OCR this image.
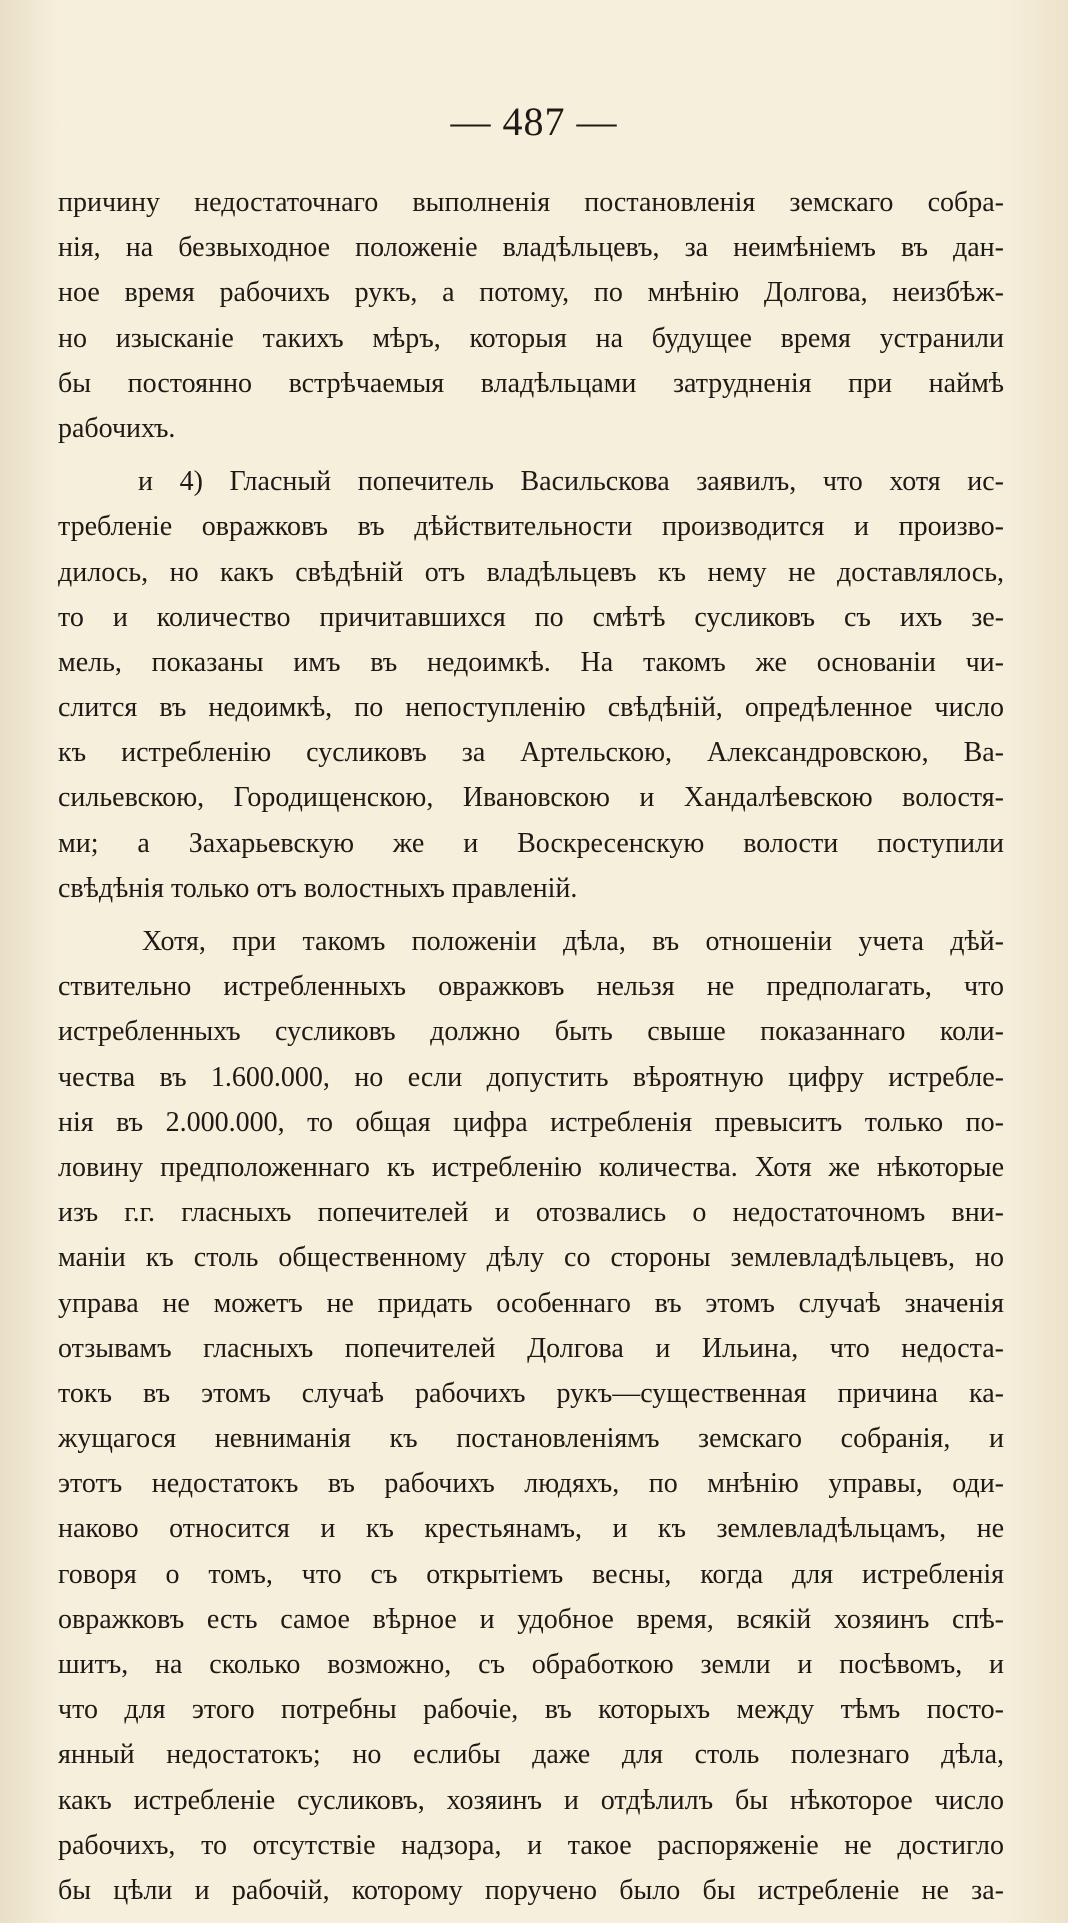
— 487 —
причину недостаточнаго выполненія постановленія земскаго собра-
нія, на безвыходное положеніе владѣльцевъ, за неимѣніемъ въ дан-
ное время рабочихъ рукъ, а потому, по мнѣнію Долгова, неизбѣж-
но изысканіе такихъ мѣръ, которыя на будущее время устранили
бы постоянно встрѣчаемыя владѣльцами затрудненія при наймѣ
рабочихъ.
и 4) Гласный попечитель Васильскова заявилъ, что хотя ис-
требленіе овражковъ въ дѣйствительности производится и произво-
дилось, но какъ свѣдѣній отъ владѣльцевъ къ нему не доставлялось,
то и количество причитавшихся по смѣтѣ сусликовъ съ ихъ зе-
мель, показаны имъ въ недоимкѣ. На такомъ же основаніи чи-
слится въ недоимкѣ, по непоступленію свѣдѣній, опредѣленное число
къ истребленію сусликовъ за Артельскою, Александровскою, Ва-
сильевскою, Городищенскою, Ивановскою и Хандалѣевскою волостя-
ми; а Захарьевскую же и Воскресенскую волости поступили
свѣдѣнія только отъ волостныхъ правленій.
Хотя, при такомъ положеніи дѣла, въ отношеніи учета дѣй-
ствительно истребленныхъ овражковъ нельзя не предполагать, что
истребленныхъ сусликовъ должно быть свыше показаннаго коли-
чества въ 1.600.000, но если допустить вѣроятную цифру истребле-
нія въ 2.000.000, то общая цифра истребленія превыситъ только по-
ловину предположеннаго къ истребленію количества. Хотя же нѣкоторые
изъ г.г. гласныхъ попечителей и отозвались о недостаточномъ вни-
маніи къ столь общественному дѣлу со стороны землевладѣльцевъ, но
управа не можетъ не придать особеннаго въ этомъ случаѣ значенія
отзывамъ гласныхъ попечителей Долгова и Ильина, что недоста-
токъ въ этомъ случаѣ рабочихъ рукъ—существенная причина ка-
жущагося невниманія къ постановленіямъ земскаго собранія, и
этотъ недостатокъ въ рабочихъ людяхъ, по мнѣнію управы, оди-
наково относится и къ крестьянамъ, и къ землевладѣльцамъ, не
говоря о томъ, что съ открытіемъ весны, когда для истребленія
овражковъ есть самое вѣрное и удобное время, всякій хозяинъ спѣ-
шитъ, на сколько возможно, съ обработкою земли и посѣвомъ, и
что для этого потребны рабочіе, въ которыхъ между тѣмъ посто-
янный недостатокъ; но еслибы даже для столь полезнаго дѣла,
какъ истребленіе сусликовъ, хозяинъ и отдѣлилъ бы нѣкоторое число
рабочихъ, то отсутствіе надзора, и такое распоряженіе не достигло
бы цѣли и рабочій, которому поручено было бы истребленіе не за-
